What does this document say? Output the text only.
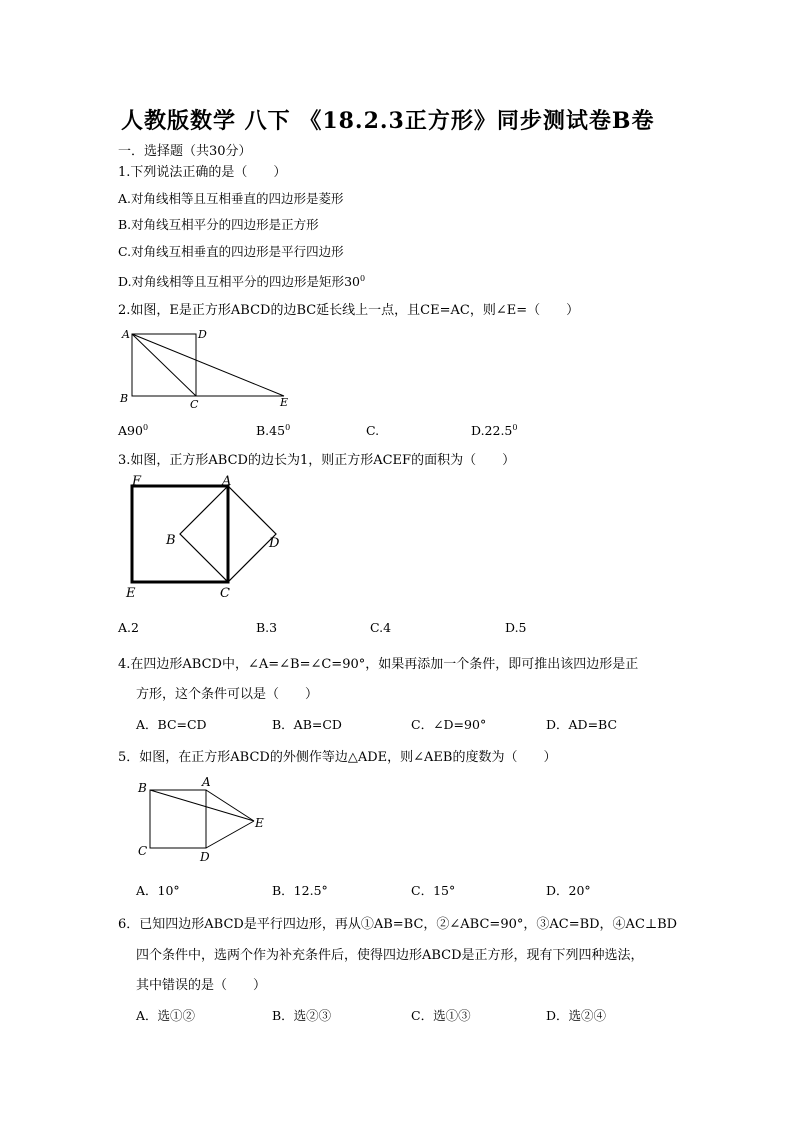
人教版数学 八下 《18.2.3正方形》同步测试卷B卷
一．选择题（共30分）
1.下列说法正确的是（　　）
A.对角线相等且互相垂直的四边形是菱形
B.对角线互相平分的四边形是正方形
C.对角线互相垂直的四边形是平行四边形
D.对角线相等且互相平分的四边形是矩形$30^0$
2.如图，E是正方形ABCD的边BC延长线上一点，且CE=AC，则∠E=（　　）
A	D
B	C	E
$A90^0$	$B.45^0$	C.	D.22.5$^0$
3.如图，正方形ABCD的边长为1，则正方形ACEF的面积为（　　）
F	A
B	D
E	C
A.2	B.3	C.4	D.5
4.在四边形ABCD中，∠A=∠B=∠C=90°，如果再添加一个条件，即可推出该四边形是正
方形，这个条件可以是（　　）
A．BC=CD	B．AB=CD	C．∠D=90°	D．AD=BC
5．如图，在正方形ABCD的外侧作等边△ADE，则∠AEB的度数为（　　）
B	A
E
C	D
A．10°	B．12.5°	C．15°	D．20°
6．已知四边形ABCD是平行四边形，再从①AB=BC，②∠ABC=90°，③AC=BD，④AC⊥BD
四个条件中，选两个作为补充条件后，使得四边形ABCD是正方形，现有下列四种选法，
其中错误的是（　　）
A．选①②	B．选②③	C．选①③	D．选②④
